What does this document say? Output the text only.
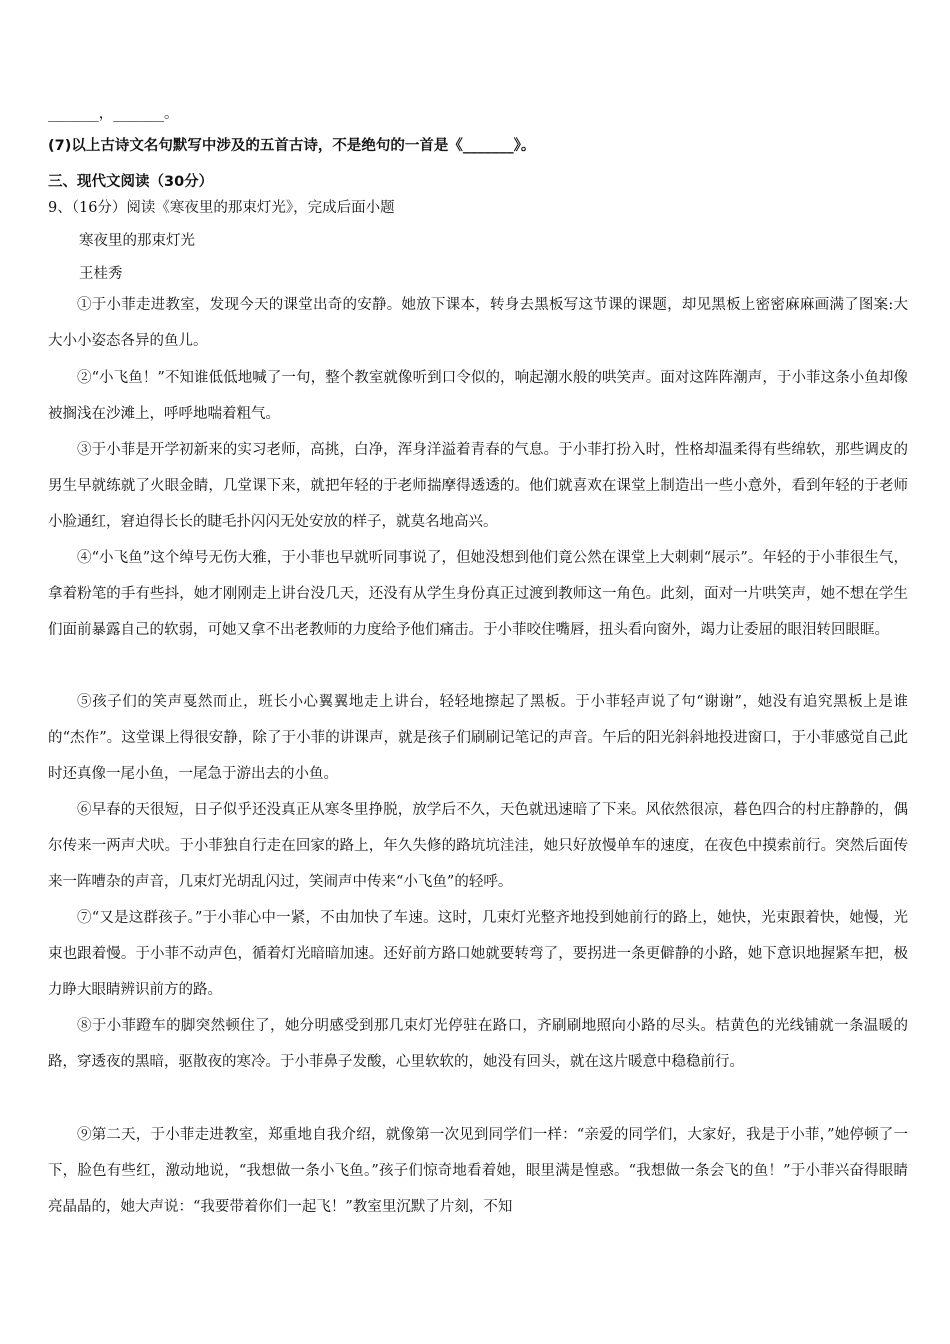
_______，_______。
(7)以上古诗文名句默写中涉及的五首古诗，不是绝句的一首是《_______》。
三、现代文阅读（30分）
9、（16分）阅读《寒夜里的那束灯光》，完成后面小题
寒夜里的那束灯光
王桂秀
①于小菲走进教室，发现今天的课堂出奇的安静。她放下课本，转身去黑板写这节课的课题，却见黑板上密密麻麻画满了图案:大大小小姿态各异的鱼儿。
②“小飞鱼！”不知谁低低地喊了一句，整个教室就像听到口令似的，响起潮水般的哄笑声。面对这阵阵潮声，于小菲这条小鱼却像被搁浅在沙滩上，呼呼地喘着粗气。
③于小菲是开学初新来的实习老师，高挑，白净，浑身洋溢着青春的气息。于小菲打扮入时，性格却温柔得有些绵软，那些调皮的男生早就练就了火眼金睛，几堂课下来，就把年轻的于老师揣摩得透透的。他们就喜欢在课堂上制造出一些小意外，看到年轻的于老师小脸通红，窘迫得长长的睫毛扑闪闪无处安放的样子，就莫名地高兴。
④“小飞鱼”这个绰号无伤大雅，于小菲也早就听同事说了，但她没想到他们竟公然在课堂上大刺刺“展示”。年轻的于小菲很生气，拿着粉笔的手有些抖，她才刚刚走上讲台没几天，还没有从学生身份真正过渡到教师这一角色。此刻，面对一片哄笑声，她不想在学生们面前暴露自己的软弱，可她又拿不出老教师的力度给予他们痛击。于小菲咬住嘴唇，扭头看向窗外，竭力让委屈的眼泪转回眼眶。
⑤孩子们的笑声戛然而止，班长小心翼翼地走上讲台，轻轻地擦起了黑板。于小菲轻声说了句“谢谢”，她没有追究黑板上是谁的“杰作”。这堂课上得很安静，除了于小菲的讲课声，就是孩子们刷刷记笔记的声音。午后的阳光斜斜地投进窗口，于小菲感觉自己此时还真像一尾小鱼，一尾急于游出去的小鱼。
⑥早春的天很短，日子似乎还没真正从寒冬里挣脱，放学后不久，天色就迅速暗了下来。风依然很凉，暮色四合的村庄静静的，偶尔传来一两声犬吠。于小菲独自行走在回家的路上，年久失修的路坑坑洼洼，她只好放慢单车的速度，在夜色中摸索前行。突然后面传来一阵嘈杂的声音，几束灯光胡乱闪过，笑闹声中传来“小飞鱼”的轻呼。
⑦“又是这群孩子。”于小菲心中一紧，不由加快了车速。这时，几束灯光整齐地投到她前行的路上，她快，光束跟着快，她慢，光束也跟着慢。于小菲不动声色，循着灯光暗暗加速。还好前方路口她就要转弯了，要拐进一条更僻静的小路，她下意识地握紧车把，极力睁大眼睛辨识前方的路。
⑧于小菲蹬车的脚突然顿住了，她分明感受到那几束灯光停驻在路口，齐刷刷地照向小路的尽头。桔黄色的光线铺就一条温暖的路，穿透夜的黑暗，驱散夜的寒冷。于小菲鼻子发酸，心里软软的，她没有回头，就在这片暖意中稳稳前行。
⑨第二天，于小菲走进教室，郑重地自我介绍，就像第一次见到同学们一样：“亲爱的同学们，大家好，我是于小菲，”她停顿了一下，脸色有些红，激动地说，“我想做一条小飞鱼。”孩子们惊奇地看着她，眼里满是惶惑。“我想做一条会飞的鱼！”于小菲兴奋得眼睛亮晶晶的，她大声说：“我要带着你们一起飞！”教室里沉默了片刻，不知
